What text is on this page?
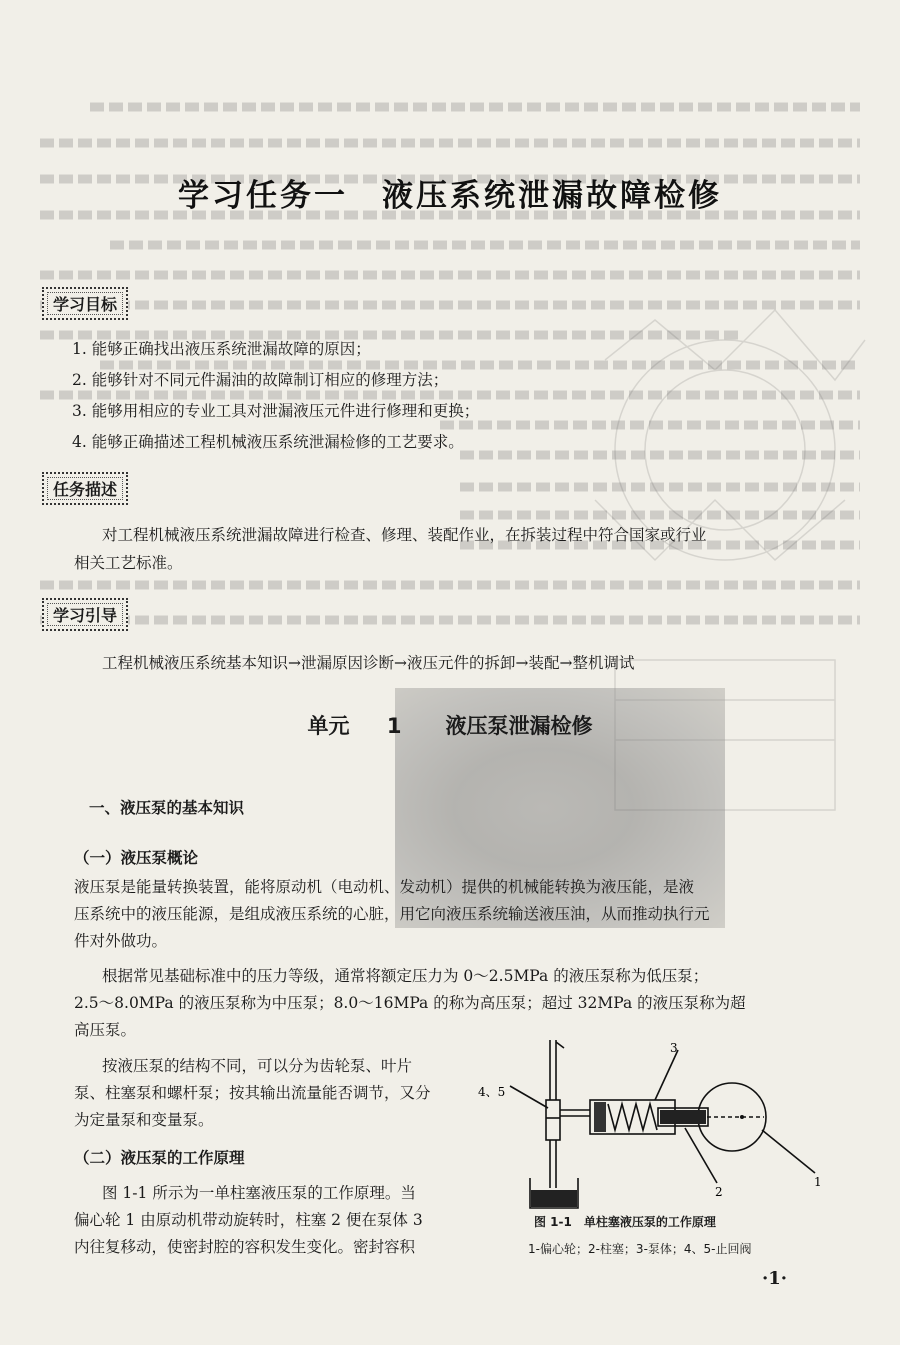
学习任务一　液压系统泄漏故障检修
学习目标
1. 能够正确找出液压系统泄漏故障的原因；
2. 能够针对不同元件漏油的故障制订相应的修理方法；
3. 能够用相应的专业工具对泄漏液压元件进行修理和更换；
4. 能够正确描述工程机械液压系统泄漏检修的工艺要求。
任务描述
对工程机械液压系统泄漏故障进行检查、修理、装配作业，在拆装过程中符合国家或行业
相关工艺标准。
学习引导
工程机械液压系统基本知识→泄漏原因诊断→液压元件的拆卸→装配→整机调试
单元 1 液压泵泄漏检修
一、液压泵的基本知识
（一）液压泵概论
液压泵是能量转换装置，能将原动机（电动机、发动机）提供的机械能转换为液压能，是液
压系统中的液压能源，是组成液压系统的心脏，用它向液压系统输送液压油，从而推动执行元
件对外做功。
根据常见基础标准中的压力等级，通常将额定压力为 0～2.5MPa 的液压泵称为低压泵；
2.5～8.0MPa 的液压泵称为中压泵；8.0～16MPa 的称为高压泵；超过 32MPa 的液压泵称为超
高压泵。
按液压泵的结构不同，可以分为齿轮泵、叶片
泵、柱塞泵和螺杆泵；按其输出流量能否调节，又分
为定量泵和变量泵。
（二）液压泵的工作原理
图 1-1 所示为一单柱塞液压泵的工作原理。当
偏心轮 1 由原动机带动旋转时，柱塞 2 便在泵体 3
内往复移动，使密封腔的容积发生变化。密封容积
4、5
3
2
1
图 1-1　单柱塞液压泵的工作原理
1-偏心轮；2-柱塞；3-泵体；4、5-止回阀
·1·
